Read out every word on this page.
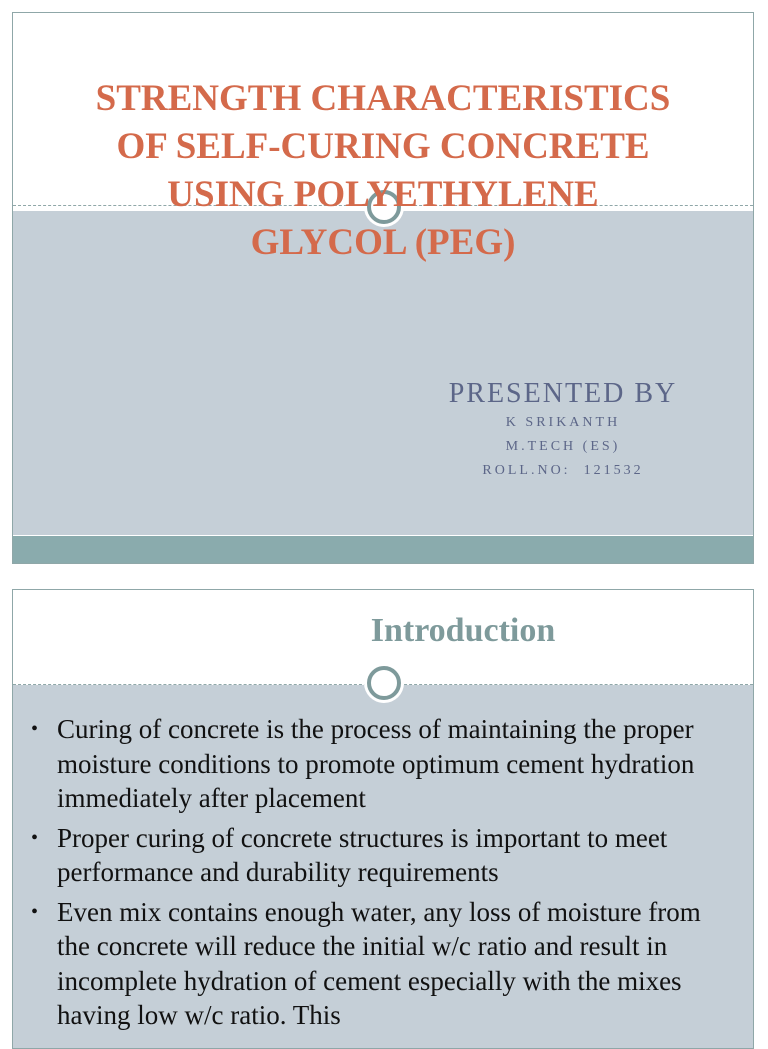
STRENGTH CHARACTERISTICS
OF SELF-CURING CONCRETE
USING POLYETHYLENE
GLYCOL (PEG)
PRESENTED BY
K SRIKANTH
M.TECH (ES)
ROLL.NO:  121532
Introduction
• Curing of concrete is the process of maintaining the proper moisture conditions to promote optimum cement hydration immediately after placement
• Proper curing of concrete structures is important to meet performance and durability requirements
• Even mix contains enough water, any loss of moisture from the concrete will reduce the initial w/c ratio and result in incomplete hydration of cement especially with the mixes having low w/c ratio. This
